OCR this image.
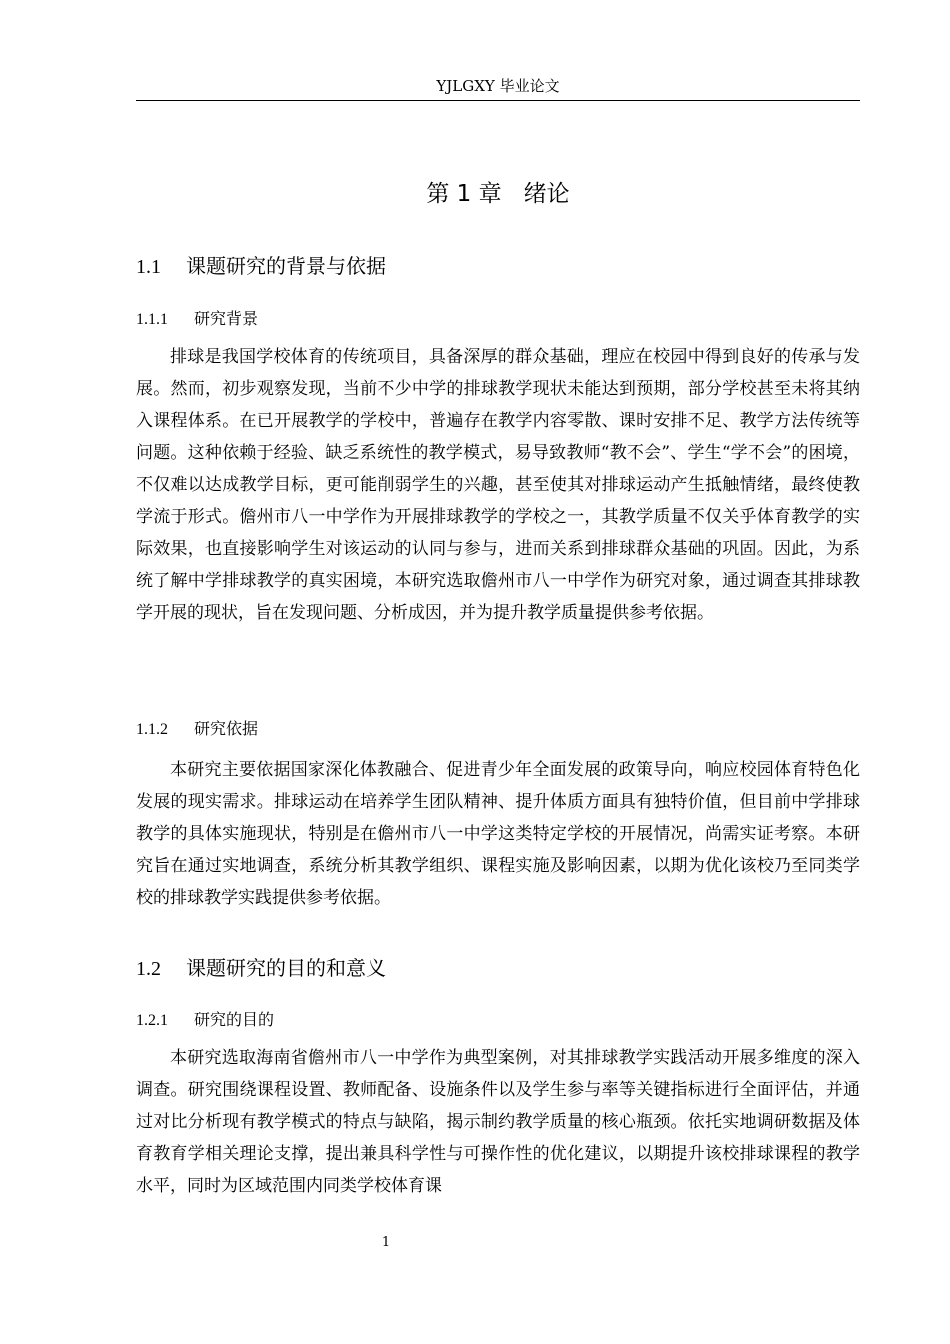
YJLGXY 毕业论文
第 1 章 绪论
1.1 课题研究的背景与依据
1.1.1 研究背景

排球是我国学校体育的传统项目，具备深厚的群众基础，理应在校园中得到良好的传承与发展。然而，初步观察发现，当前不少中学的排球教学现状未能达到预期，部分学校甚至未将其纳入课程体系。在已开展教学的学校中，普遍存在教学内容零散、课时安排不足、教学方法传统等问题。这种依赖于经验、缺乏系统性的教学模式，易导致教师“教不会”、学生“学不会”的困境，不仅难以达成教学目标，更可能削弱学生的兴趣，甚至使其对排球运动产生抵触情绪，最终使教学流于形式。儋州市八一中学作为开展排球教学的学校之一，其教学质量不仅关乎体育教学的实际效果，也直接影响学生对该运动的认同与参与，进而关系到排球群众基础的巩固。因此，为系统了解中学排球教学的真实困境，本研究选取儋州市八一中学作为研究对象，通过调查其排球教学开展的现状，旨在发现问题、分析成因，并为提升教学质量提供参考依据。

1.1.2 研究依据

本研究主要依据国家深化体教融合、促进青少年全面发展的政策导向，响应校园体育特色化发展的现实需求。排球运动在培养学生团队精神、提升体质方面具有独特价值，但目前中学排球教学的具体实施现状，特别是在儋州市八一中学这类特定学校的开展情况，尚需实证考察。本研究旨在通过实地调查，系统分析其教学组织、课程实施及影响因素，以期为优化该校乃至同类学校的排球教学实践提供参考依据。

1.2 课题研究的目的和意义
1.2.1 研究的目的

本研究选取海南省儋州市八一中学作为典型案例，对其排球教学实践活动开展多维度的深入调查。研究围绕课程设置、教师配备、设施条件以及学生参与率等关键指标进行全面评估，并通过对比分析现有教学模式的特点与缺陷，揭示制约教学质量的核心瓶颈。依托实地调研数据及体育教育学相关理论支撑，提出兼具科学性与可操作性的优化建议，以期提升该校排球课程的教学水平，同时为区域范围内同类学校体育课

1
